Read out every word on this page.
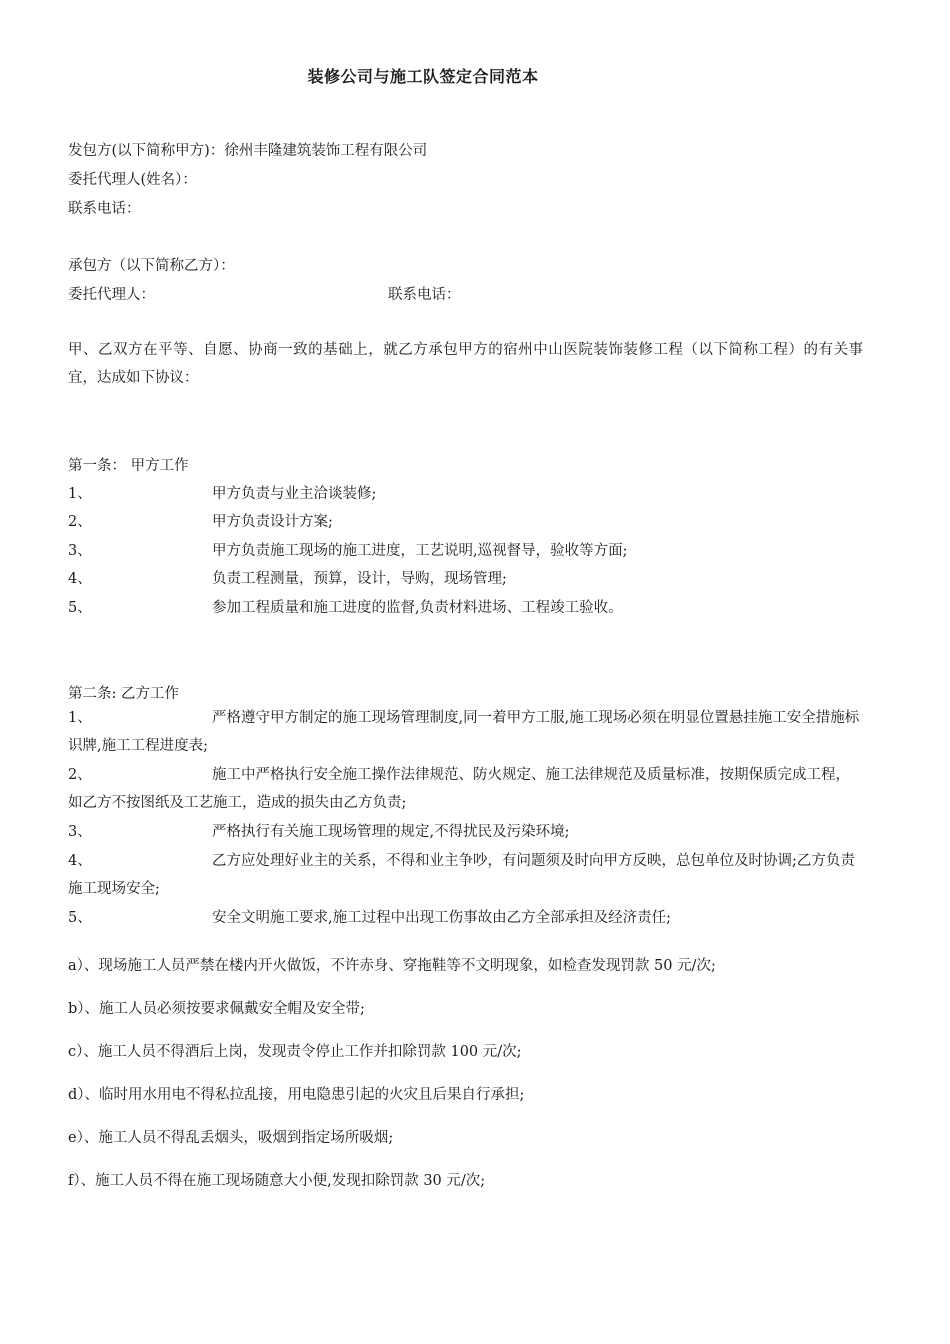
装修公司与施工队签定合同范本
发包方(以下简称甲方)：徐州丰隆建筑装饰工程有限公司
委托代理人(姓名）：
联系电话：
承包方（以下简称乙方）：
委托代理人：	联系电话：
甲、乙双方在平等、自愿、协商一致的基础上，就乙方承包甲方的宿州中山医院装饰装修工程（以下简称工程）的有关事宜，达成如下协议：
第一条： 甲方工作
1、	甲方负责与业主洽谈装修;
2、	甲方负责设计方案;
3、	甲方负责施工现场的施工进度，工艺说明,巡视督导，验收等方面;
4、	负责工程测量，预算，设计，导购，现场管理;
5、	参加工程质量和施工进度的监督,负责材料进场、工程竣工验收。
第二条: 乙方工作
1、	严格遵守甲方制定的施工现场管理制度,同一着甲方工服,施工现场必须在明显位置悬挂施工安全措施标识牌,施工工程进度表;
2、	施工中严格执行安全施工操作法律规范、防火规定、施工法律规范及质量标准，按期保质完成工程，如乙方不按图纸及工艺施工，造成的损失由乙方负责;
3、	严格执行有关施工现场管理的规定,不得扰民及污染环境;
4、	乙方应处理好业主的关系，不得和业主争吵，有问题须及时向甲方反映，总包单位及时协调;乙方负责施工现场安全;
5、	安全文明施工要求,施工过程中出现工伤事故由乙方全部承担及经济责任;
a）、现场施工人员严禁在楼内开火做饭，不许赤身、穿拖鞋等不文明现象，如检查发现罚款 50 元/次;
b）、施工人员必须按要求佩戴安全帽及安全带;
c）、施工人员不得酒后上岗，发现责令停止工作并扣除罚款 100 元/次;
d）、临时用水用电不得私拉乱接，用电隐患引起的火灾且后果自行承担;
e）、施工人员不得乱丢烟头，吸烟到指定场所吸烟;
f）、施工人员不得在施工现场随意大小便,发现扣除罚款 30 元/次;
